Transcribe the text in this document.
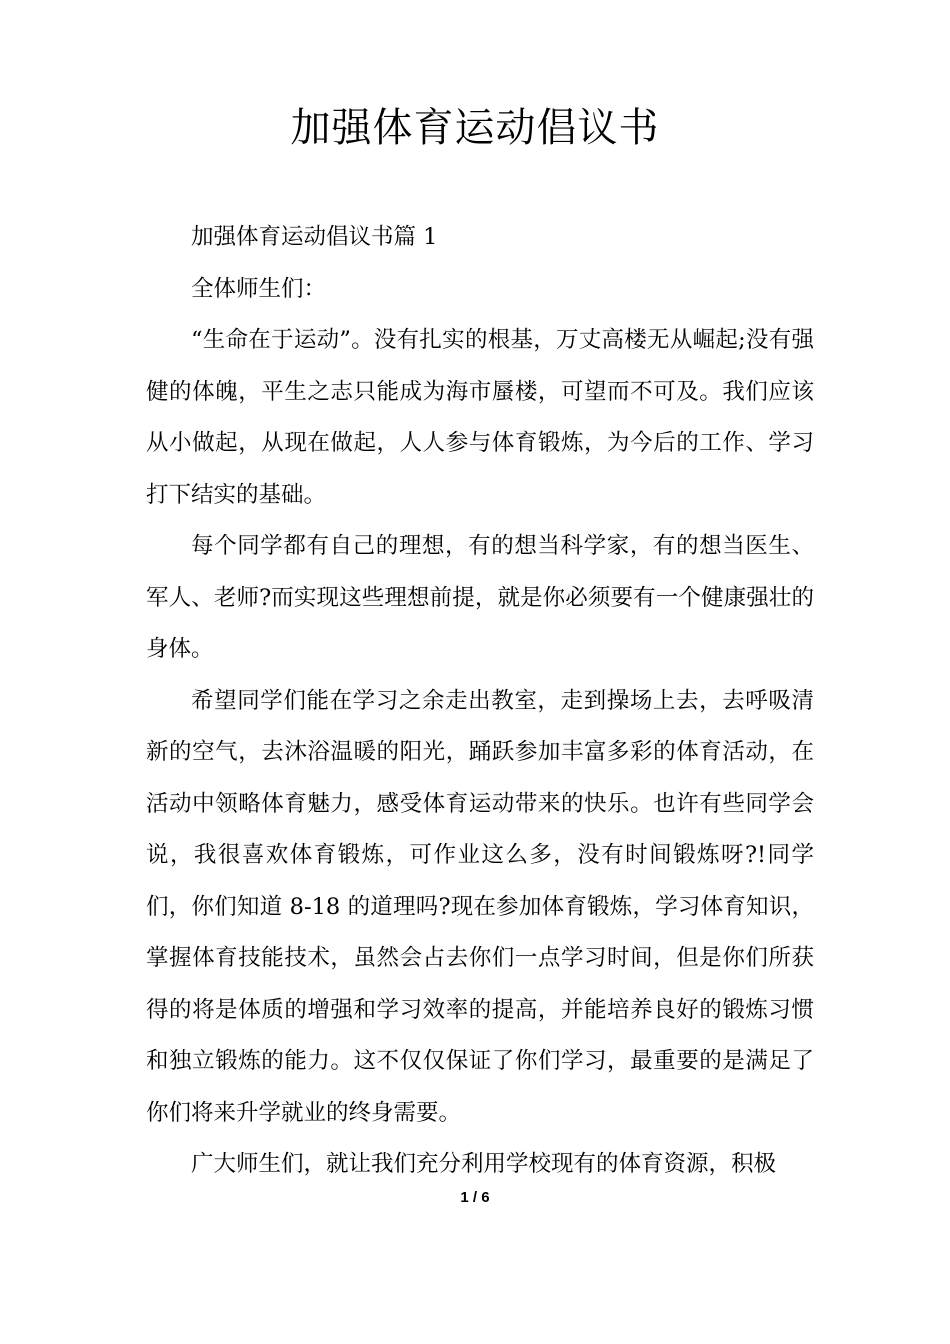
加强体育运动倡议书

加强体育运动倡议书篇 1

全体师生们：

“生命在于运动”。没有扎实的根基，万丈高楼无从崛起;没有强健的体魄，平生之志只能成为海市蜃楼，可望而不可及。我们应该从小做起，从现在做起，人人参与体育锻炼，为今后的工作、学习打下结实的基础。

每个同学都有自己的理想，有的想当科学家，有的想当医生、军人、老师?而实现这些理想前提，就是你必须要有一个健康强壮的身体。

希望同学们能在学习之余走出教室，走到操场上去，去呼吸清新的空气，去沐浴温暖的阳光，踊跃参加丰富多彩的体育活动，在活动中领略体育魅力，感受体育运动带来的快乐。也许有些同学会说，我很喜欢体育锻炼，可作业这么多，没有时间锻炼呀?!同学们，你们知道 8-18 的道理吗?现在参加体育锻炼，学习体育知识，掌握体育技能技术，虽然会占去你们一点学习时间，但是你们所获得的将是体质的增强和学习效率的提高，并能培养良好的锻炼习惯和独立锻炼的能力。这不仅仅保证了你们学习，最重要的是满足了你们将来升学就业的终身需要。

广大师生们，就让我们充分利用学校现有的体育资源，积极

1 / 6
